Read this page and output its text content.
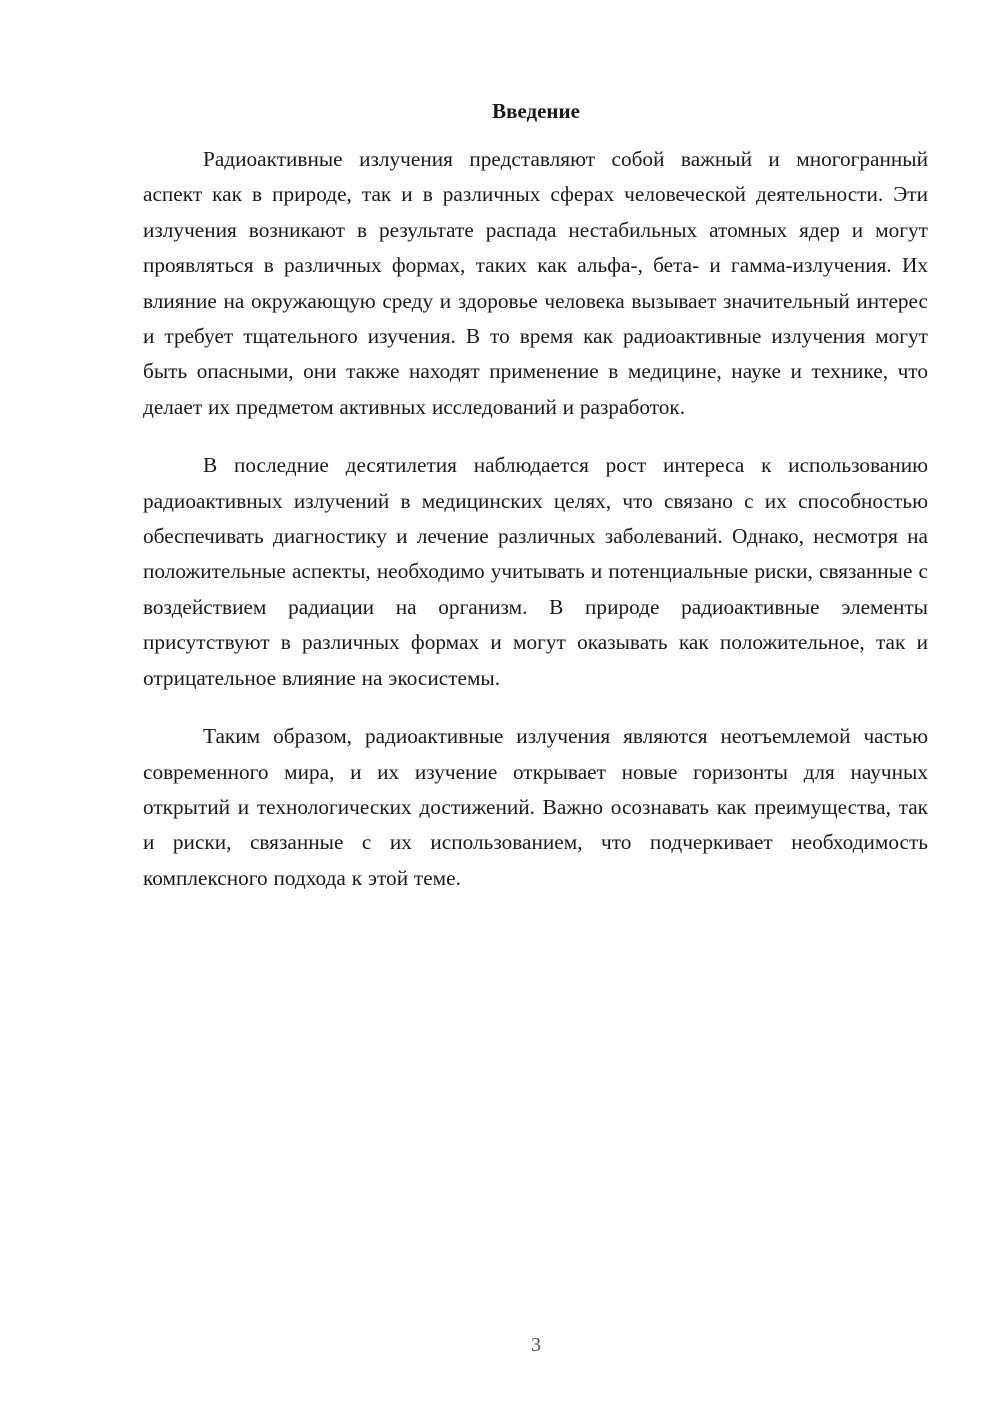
Введение

Радиоактивные излучения представляют собой важный и многогранный аспект как в природе, так и в различных сферах человеческой деятельности. Эти излучения возникают в результате распада нестабильных атомных ядер и могут проявляться в различных формах, таких как альфа-, бета- и гамма-излучения. Их влияние на окружающую среду и здоровье человека вызывает значительный интерес и требует тщательного изучения. В то время как радиоактивные излучения могут быть опасными, они также находят применение в медицине, науке и технике, что делает их предметом активных исследований и разработок.

В последние десятилетия наблюдается рост интереса к использованию радиоактивных излучений в медицинских целях, что связано с их способностью обеспечивать диагностику и лечение различных заболеваний. Однако, несмотря на положительные аспекты, необходимо учитывать и потенциальные риски, связанные с воздействием радиации на организм. В природе радиоактивные элементы присутствуют в различных формах и могут оказывать как положительное, так и отрицательное влияние на экосистемы.

Таким образом, радиоактивные излучения являются неотъемлемой частью современного мира, и их изучение открывает новые горизонты для научных открытий и технологических достижений. Важно осознавать как преимущества, так и риски, связанные с их использованием, что подчеркивает необходимость комплексного подхода к этой теме.

3
